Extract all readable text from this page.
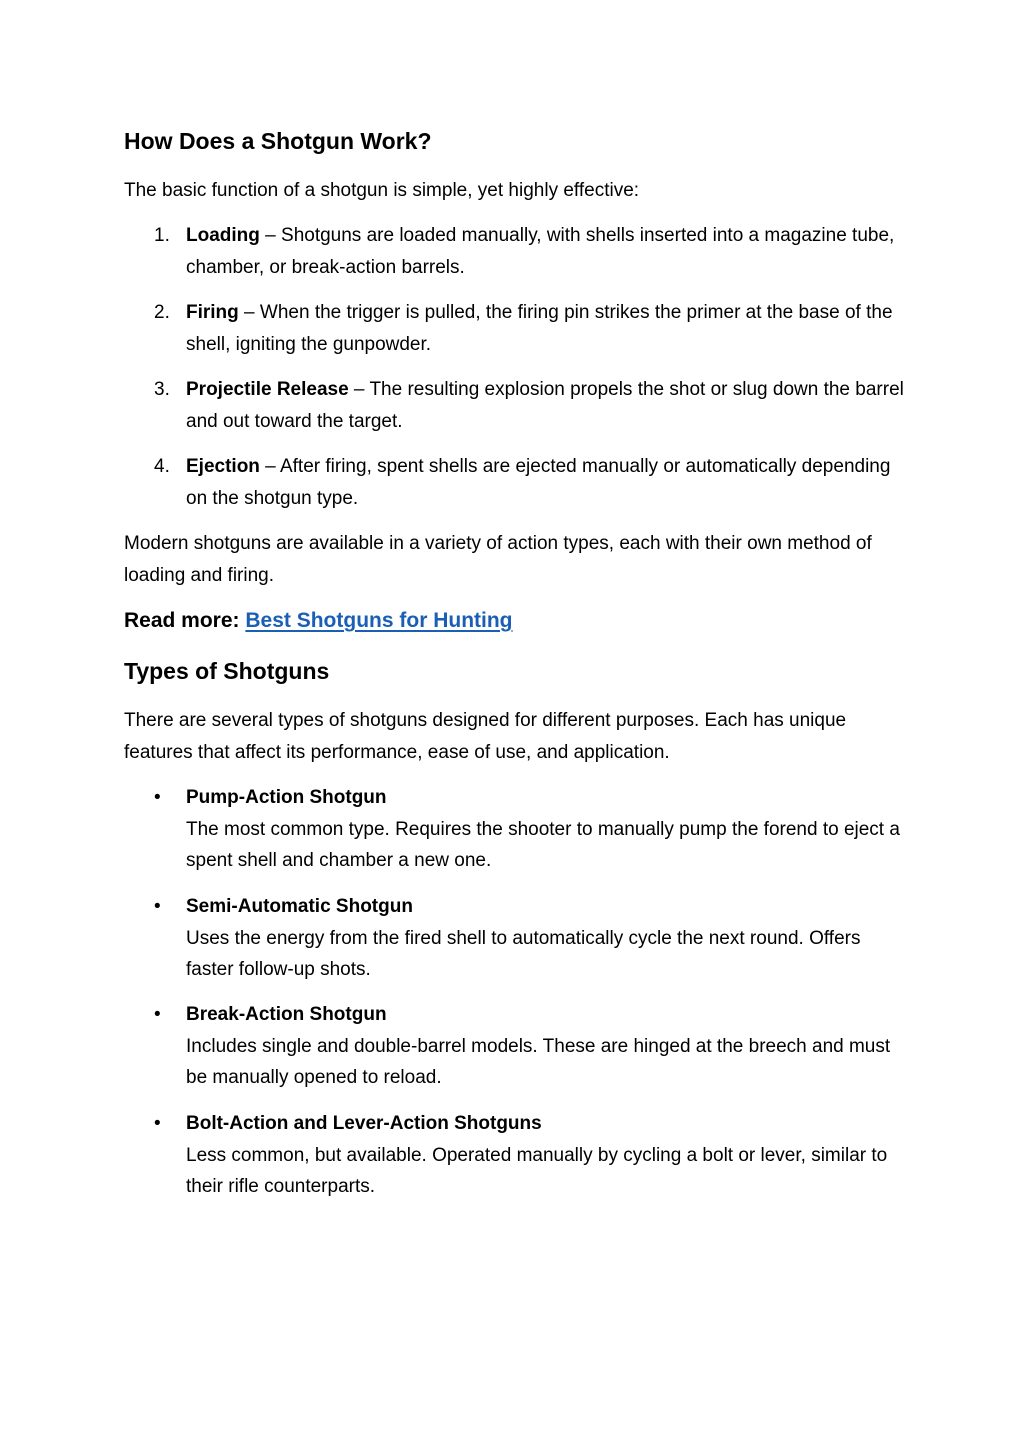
How Does a Shotgun Work?

The basic function of a shotgun is simple, yet highly effective:

1. Loading – Shotguns are loaded manually, with shells inserted into a magazine tube, chamber, or break-action barrels.
2. Firing – When the trigger is pulled, the firing pin strikes the primer at the base of the shell, igniting the gunpowder.
3. Projectile Release – The resulting explosion propels the shot or slug down the barrel and out toward the target.
4. Ejection – After firing, spent shells are ejected manually or automatically depending on the shotgun type.

Modern shotguns are available in a variety of action types, each with their own method of loading and firing.

Read more: Best Shotguns for Hunting
Types of Shotguns

There are several types of shotguns designed for different purposes. Each has unique features that affect its performance, ease of use, and application.

• Pump-Action Shotgun
The most common type. Requires the shooter to manually pump the forend to eject a spent shell and chamber a new one.
• Semi-Automatic Shotgun
Uses the energy from the fired shell to automatically cycle the next round. Offers faster follow-up shots.
• Break-Action Shotgun
Includes single and double-barrel models. These are hinged at the breech and must be manually opened to reload.
• Bolt-Action and Lever-Action Shotguns
Less common, but available. Operated manually by cycling a bolt or lever, similar to their rifle counterparts.
